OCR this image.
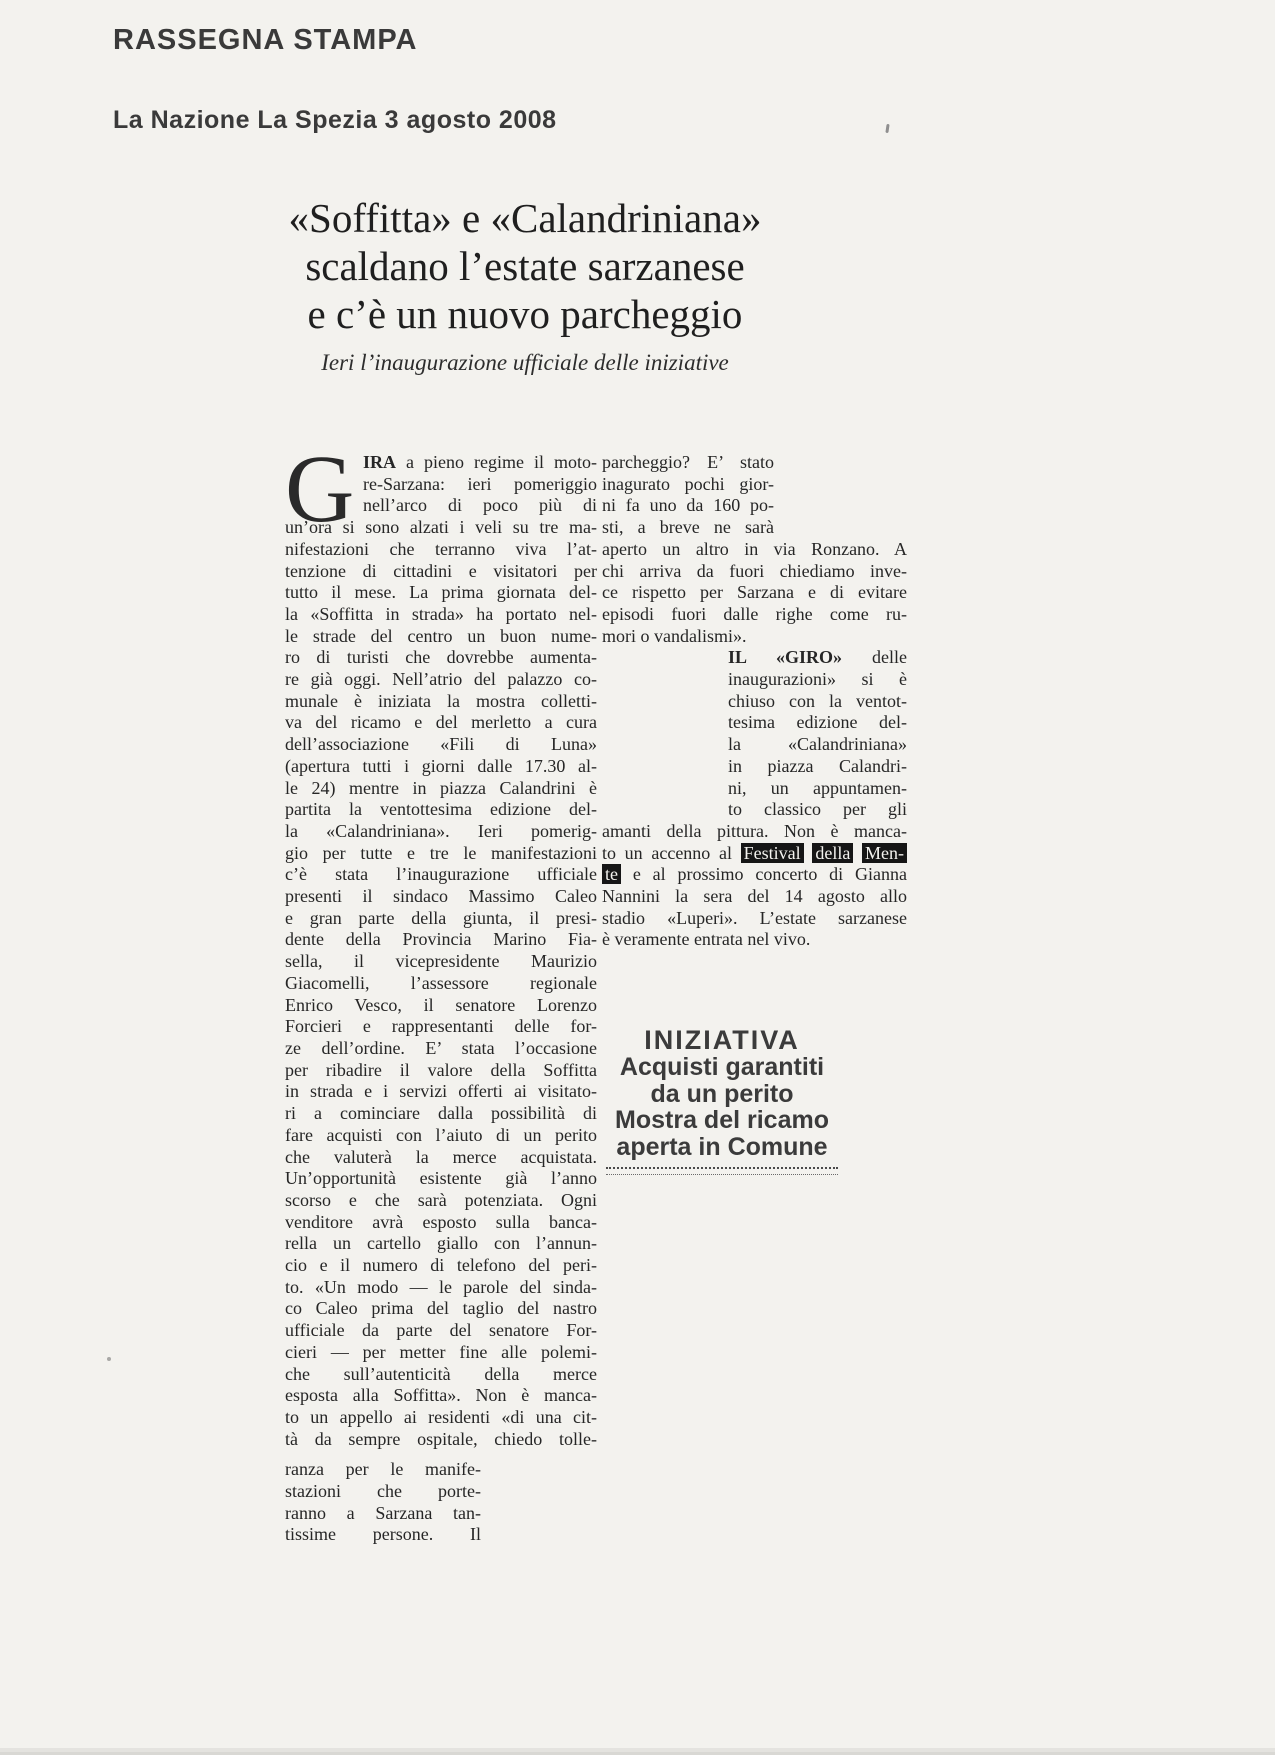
RASSEGNA STAMPA
La Nazione La Spezia 3 agosto 2008
«Soffitta» e «Calandriniana»
scaldano l’estate sarzanese
e c’è un nuovo parcheggio
Ieri l’inaugurazione ufficiale delle iniziative
G IRA a pieno regime il moto-
re-Sarzana: ieri pomeriggio
nell’arco di poco più di
un’ora si sono alzati i veli su tre ma-
nifestazioni che terranno viva l’at-
tenzione di cittadini e visitatori per
tutto il mese. La prima giornata del-
la «Soffitta in strada» ha portato nel-
le strade del centro un buon nume-
ro di turisti che dovrebbe aumenta-
re già oggi. Nell’atrio del palazzo co-
munale è iniziata la mostra colletti-
va del ricamo e del merletto a cura
dell’associazione «Fili di Luna»
(apertura tutti i giorni dalle 17.30 al-
le 24) mentre in piazza Calandrini è
partita la ventottesima edizione del-
la «Calandriniana». Ieri pomerig-
gio per tutte e tre le manifestazioni
c’è stata l’inaugurazione ufficiale
presenti il sindaco Massimo Caleo
e gran parte della giunta, il presi-
dente della Provincia Marino Fia-
sella, il vicepresidente Maurizio
Giacomelli, l’assessore regionale
Enrico Vesco, il senatore Lorenzo
Forcieri e rappresentanti delle for-
ze dell’ordine. E’ stata l’occasione
per ribadire il valore della Soffitta
in strada e i servizi offerti ai visitato-
ri a cominciare dalla possibilità di
fare acquisti con l’aiuto di un perito
che valuterà la merce acquistata.
Un’opportunità esistente già l’anno
scorso e che sarà potenziata. Ogni
venditore avrà esposto sulla banca-
rella un cartello giallo con l’annun-
cio e il numero di telefono del peri-
to. «Un modo — le parole del sinda-
co Caleo prima del taglio del nastro
ufficiale da parte del senatore For-
cieri — per metter fine alle polemi-
che sull’autenticità della merce
esposta alla Soffitta». Non è manca-
to un appello ai residenti «di una cit-
tà da sempre ospitale, chiedo tolle-
ranza per le manife-
stazioni che porte-
ranno a Sarzana tan-
tissime persone. Il
parcheggio? E’ stato
inagurato pochi gior-
ni fa uno da 160 po-
sti, a breve ne sarà
aperto un altro in via Ronzano. A
chi arriva da fuori chiediamo inve-
ce rispetto per Sarzana e di evitare
episodi fuori dalle righe come ru-
mori o vandalismi».
IL «GIRO» delle
inaugurazioni» si è
chiuso con la ventot-
tesima edizione del-
la «Calandriniana»
in piazza Calandri-
ni, un appuntamen-
to classico per gli
amanti della pittura. Non è manca-
to un accenno al Festival della Men-
te e al prossimo concerto di Gianna
Nannini la sera del 14 agosto allo
stadio «Luperi». L’estate sarzanese
è veramente entrata nel vivo.
INIZIATIVA
Acquisti garantiti
da un perito
Mostra del ricamo
aperta in Comune
